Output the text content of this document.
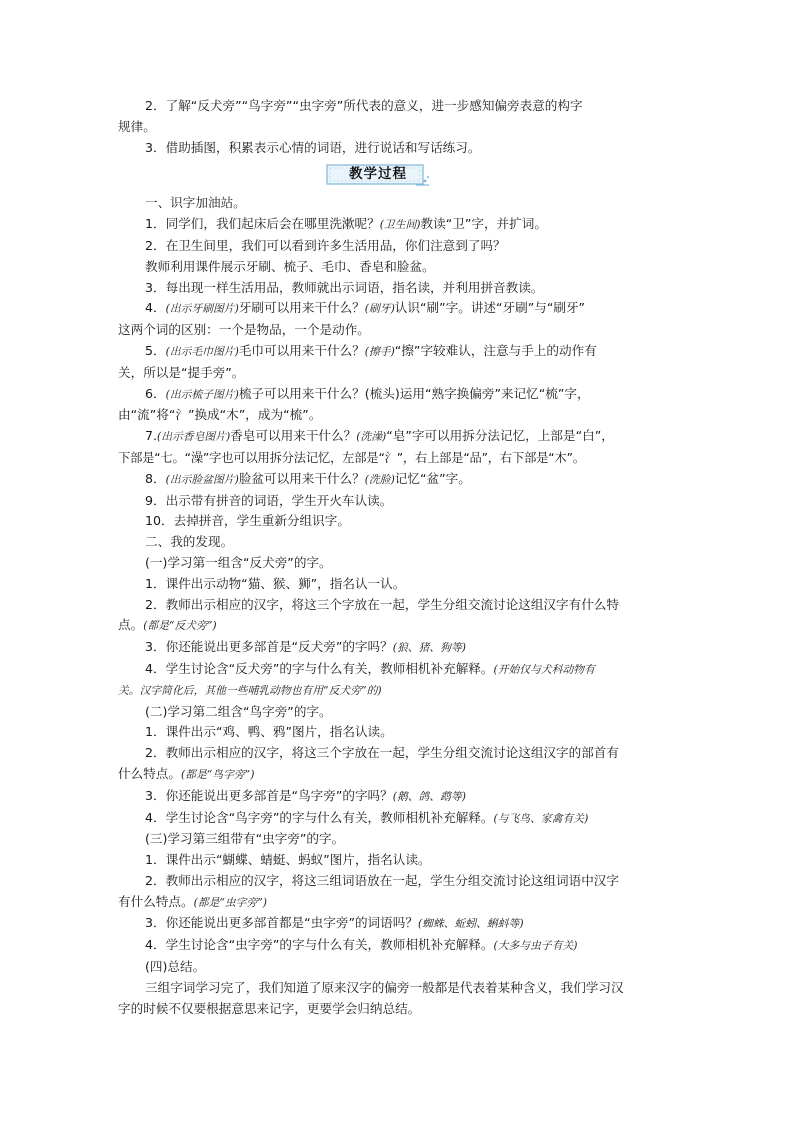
2．了解“反犬旁”“鸟字旁”“虫字旁”所代表的意义，进一步感知偏旁表意的构字

规律。

3．借助插图，积累表示心情的词语，进行说话和写话练习。

教学过程

一、识字加油站。

1．同学们，我们起床后会在哪里洗漱呢？(卫生间)教读“卫”字，并扩词。

2．在卫生间里，我们可以看到许多生活用品，你们注意到了吗？

教师利用课件展示牙刷、梳子、毛巾、香皂和脸盆。

3．每出现一样生活用品，教师就出示词语，指名读，并利用拼音教读。

4．(出示牙刷图片)牙刷可以用来干什么？(刷牙)认识“刷”字。讲述“牙刷”与“刷牙”

这两个词的区别：一个是物品，一个是动作。

5．(出示毛巾图片)毛巾可以用来干什么？(擦手)“擦”字较难认，注意与手上的动作有

关，所以是“提手旁”。

6．(出示梳子图片)梳子可以用来干什么？(梳头)运用“熟字换偏旁”来记忆“梳”字，

由“流”将“氵”换成“木”，成为“梳”。

7.(出示香皂图片)香皂可以用来干什么？(洗澡)“皂”字可以用拆分法记忆，上部是“白”，

下部是“七。“澡”字也可以用拆分法记忆，左部是“氵”，右上部是“品”，右下部是“木”。

8．(出示脸盆图片)脸盆可以用来干什么？(洗脸)记忆“盆”字。

9．出示带有拼音的词语，学生开火车认读。

10．去掉拼音，学生重新分组识字。

二、我的发现。

(一)学习第一组含“反犬旁”的字。

1．课件出示动物“猫、猴、狮”，指名认一认。

2．教师出示相应的汉字，将这三个字放在一起，学生分组交流讨论这组汉字有什么特

点。(都是“反犬旁”)

3．你还能说出更多部首是“反犬旁”的字吗？(狼、猪、狗等)

4．学生讨论含“反犬旁”的字与什么有关，教师相机补充解释。(开始仅与犬科动物有

关。汉字简化后，其他一些哺乳动物也有用“反犬旁”的)

(二)学习第二组含“鸟字旁”的字。

1．课件出示“鸡、鸭、鸦”图片，指名认读。

2．教师出示相应的汉字，将这三个字放在一起，学生分组交流讨论这组汉字的部首有

什么特点。(都是“鸟字旁”)

3．你还能说出更多部首是“鸟字旁”的字吗？(鹅、鸽、鹉等)

4．学生讨论含“鸟字旁”的字与什么有关，教师相机补充解释。(与飞鸟、家禽有关)

(三)学习第三组带有“虫字旁”的字。

1．课件出示“蝴蝶、蜻蜓、蚂蚁”图片，指名认读。

2．教师出示相应的汉字，将这三组词语放在一起，学生分组交流讨论这组词语中汉字

有什么特点。(都是“虫字旁”)

3．你还能说出更多部首都是“虫字旁”的词语吗？(蜘蛛、蚯蚓、蝌蚪等)

4．学生讨论含“虫字旁”的字与什么有关，教师相机补充解释。(大多与虫子有关)

(四)总结。

三组字词学习完了，我们知道了原来汉字的偏旁一般都是代表着某种含义，我们学习汉

字的时候不仅要根据意思来记字，更要学会归纳总结。
